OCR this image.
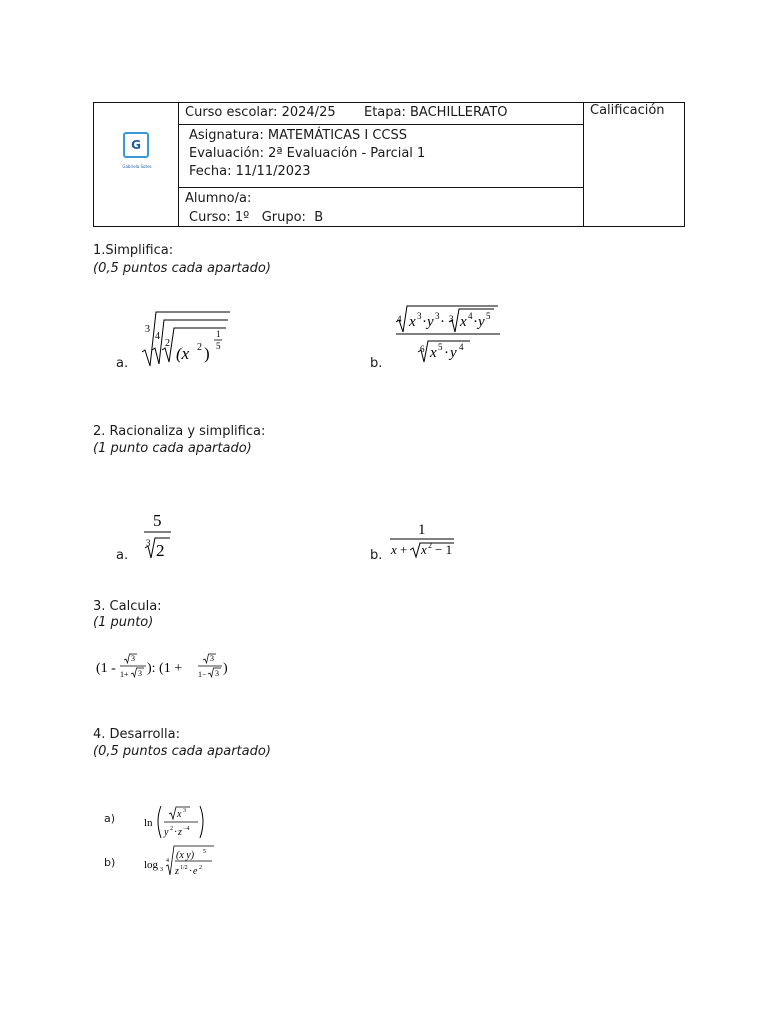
G
Gabriela Sotes
Curso escolar: 2024/25 Etapa: BACHILLERATO	Calificación
Asignatura: MATEMÁTICAS I CCSS
Evaluación: 2ª Evaluación - Parcial 1
Fecha: 11/11/2023
Alumno/a:
Curso: 1º   Grupo:  B
1.Simplifica:
(0,5 puntos cada apartado)
a.	b.
3
4
2
(x 2 )
1
5
4 x 3 · y 3 · 3 x 4 · y 5
6 x 5 · y 4
2. Racionaliza y simplifica:
(1 punto cada apartado)
a.	b.
5
3 2
1
x + x 2 − 1
3. Calcula:
(1 punto)
(1 -
3
1+ 3 ): (1 +
3
1− 3 )
4. Desarrolla:
(0,5 puntos cada apartado)
a)
b)
ln
x 3
y 2 · z −4
log 3
4 (x y) 5
z 1/2 · e 2
